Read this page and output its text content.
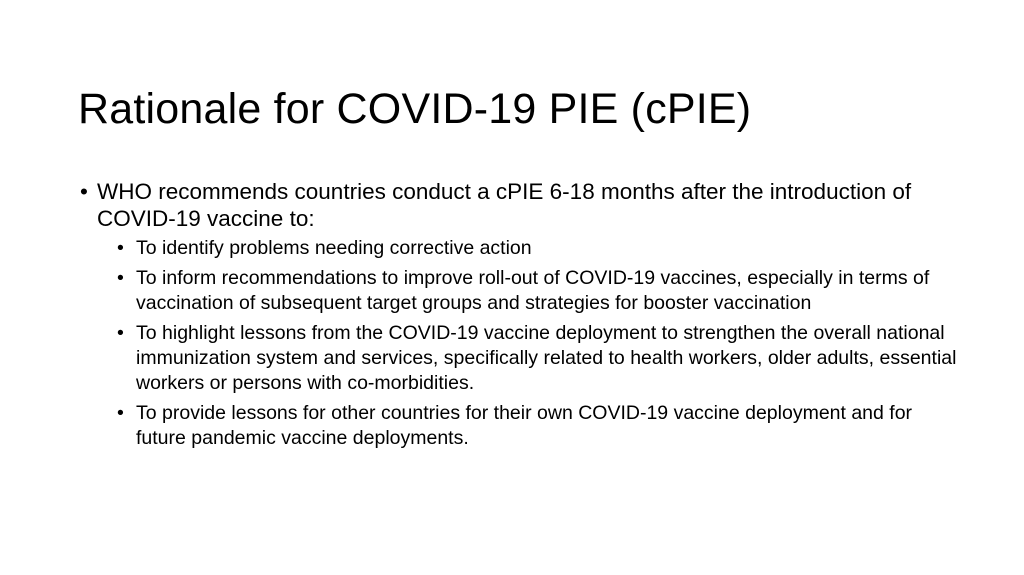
Rationale for COVID-19 PIE (cPIE)
• WHO recommends countries conduct a cPIE 6-18 months after the introduction of COVID-19 vaccine to:
• To identify problems needing corrective action
• To inform recommendations to improve roll-out of COVID-19 vaccines, especially in terms of vaccination of subsequent target groups and strategies for booster vaccination
• To highlight lessons from the COVID-19 vaccine deployment to strengthen the overall national immunization system and services, specifically related to health workers, older adults, essential workers or persons with co-morbidities.
• To provide lessons for other countries for their own COVID-19 vaccine deployment and for future pandemic vaccine deployments.
